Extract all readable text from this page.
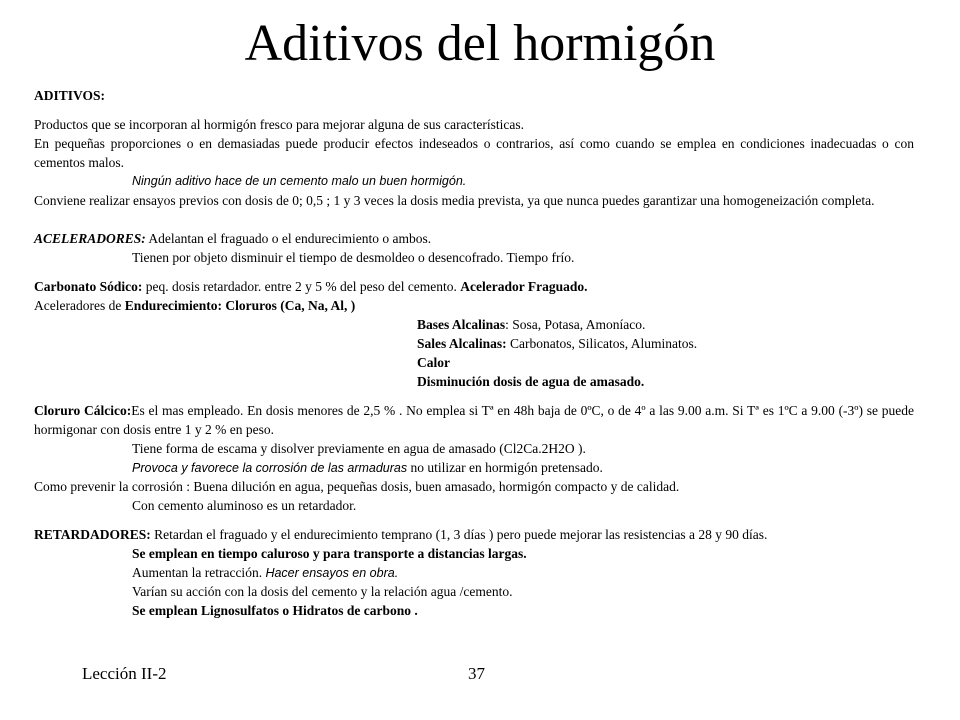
Aditivos del hormigón
ADITIVOS:
Productos que se incorporan al hormigón fresco para mejorar alguna de sus características.
En pequeñas proporciones o en demasiadas puede producir efectos indeseados o contrarios, así como cuando se emplea en condiciones inadecuadas o con cementos malos.
Ningún aditivo hace de un cemento malo un buen hormigón.
Conviene realizar ensayos previos con dosis de 0; 0,5 ; 1 y 3 veces la dosis media prevista, ya que nunca puedes garantizar una homogeneización completa.
ACELERADORES: Adelantan el fraguado o el endurecimiento o ambos.
Tienen por objeto disminuir el tiempo de desmoldeo o desencofrado. Tiempo frío.
Carbonato Sódico: peq. dosis retardador. entre 2 y 5 % del peso del cemento. Acelerador Fraguado.
Aceleradores de Endurecimiento: Cloruros (Ca, Na, Al, )
Bases Alcalinas: Sosa, Potasa, Amoníaco.
Sales Alcalinas: Carbonatos, Silicatos, Aluminatos.
Calor
Disminución dosis de agua de amasado.
Cloruro Cálcico:Es el mas empleado. En dosis menores de 2,5 % . No emplea si Tª en 48h baja de 0ºC, o de 4º a las 9.00 a.m. Si Tª es 1ºC a 9.00 (-3º) se puede hormigonar con dosis entre 1 y 2 % en peso.
Tiene forma de escama y disolver previamente en agua de amasado (Cl2Ca.2H2O ).
Provoca y favorece la corrosión de las armaduras no utilizar en hormigón pretensado.
Como prevenir la corrosión : Buena dilución en agua, pequeñas dosis, buen amasado, hormigón compacto y de calidad.
Con cemento aluminoso es un retardador.
RETARDADORES: Retardan el fraguado y el endurecimiento temprano (1, 3 días ) pero puede mejorar las resistencias a 28 y 90 días.
Se emplean en tiempo caluroso y para transporte a distancias largas.
Aumentan la retracción. Hacer ensayos en obra.
Varían su acción con la dosis del cemento y la relación agua /cemento.
Se emplean Lignosulfatos o Hidratos de carbono .
Lección II-2	37
